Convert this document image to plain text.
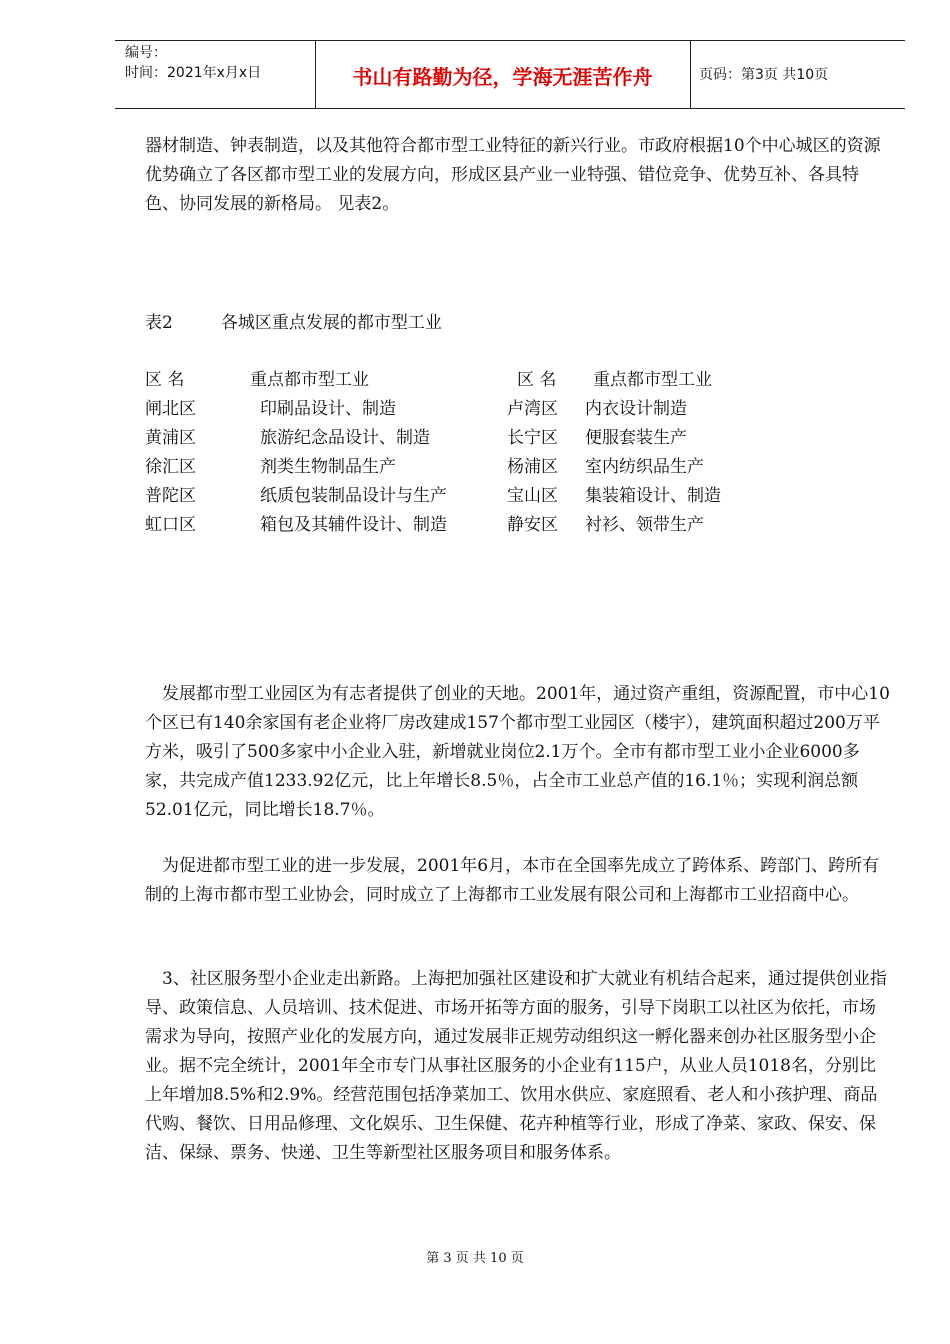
编号：
时间：2021年x月x日	书山有路勤为径，学海无涯苦作舟	页码：第3页 共10页

器材制造、钟表制造，以及其他符合都市型工业特征的新兴行业。市政府根据10个中心城区的资源优势确立了各区都市型工业的发展方向，形成区县产业一业特强、错位竞争、优势互补、各具特色、协同发展的新格局。 见表2。

表2	各城区重点发展的都市型工业
区 名	重点都市型工业	区 名 重点都市型工业
闸北区	印刷品设计、制造	卢湾区 内衣设计制造
黄浦区	旅游纪念品设计、制造	长宁区 便服套装生产
徐汇区	剂类生物制品生产	杨浦区 室内纺织品生产
普陀区	纸质包装制品设计与生产	宝山区 集装箱设计、制造
虹口区	箱包及其辅件设计、制造	静安区 衬衫、领带生产

发展都市型工业园区为有志者提供了创业的天地。2001年，通过资产重组，资源配置，市中心10个区已有140余家国有老企业将厂房改建成157个都市型工业园区（楼宇），建筑面积超过200万平方米，吸引了500多家中小企业入驻，新增就业岗位2.1万个。全市有都市型工业小企业6000多家，共完成产值1233.92亿元，比上年增长8.5％，占全市工业总产值的16.1％；实现利润总额52.01亿元，同比增长18.7％。

为促进都市型工业的进一步发展，2001年6月，本市在全国率先成立了跨体系、跨部门、跨所有制的上海市都市型工业协会，同时成立了上海都市工业发展有限公司和上海都市工业招商中心。

3、社区服务型小企业走出新路。上海把加强社区建设和扩大就业有机结合起来，通过提供创业指导、政策信息、人员培训、技术促进、市场开拓等方面的服务，引导下岗职工以社区为依托，市场需求为导向，按照产业化的发展方向，通过发展非正规劳动组织这一孵化器来创办社区服务型小企业。据不完全统计，2001年全市专门从事社区服务的小企业有115户，从业人员1018名，分别比上年增加8.5%和2.9%。经营范围包括净菜加工、饮用水供应、家庭照看、老人和小孩护理、商品代购、餐饮、日用品修理、文化娱乐、卫生保健、花卉种植等行业，形成了净菜、家政、保安、保洁、保绿、票务、快递、卫生等新型社区服务项目和服务体系。

第 3 页 共 10 页
